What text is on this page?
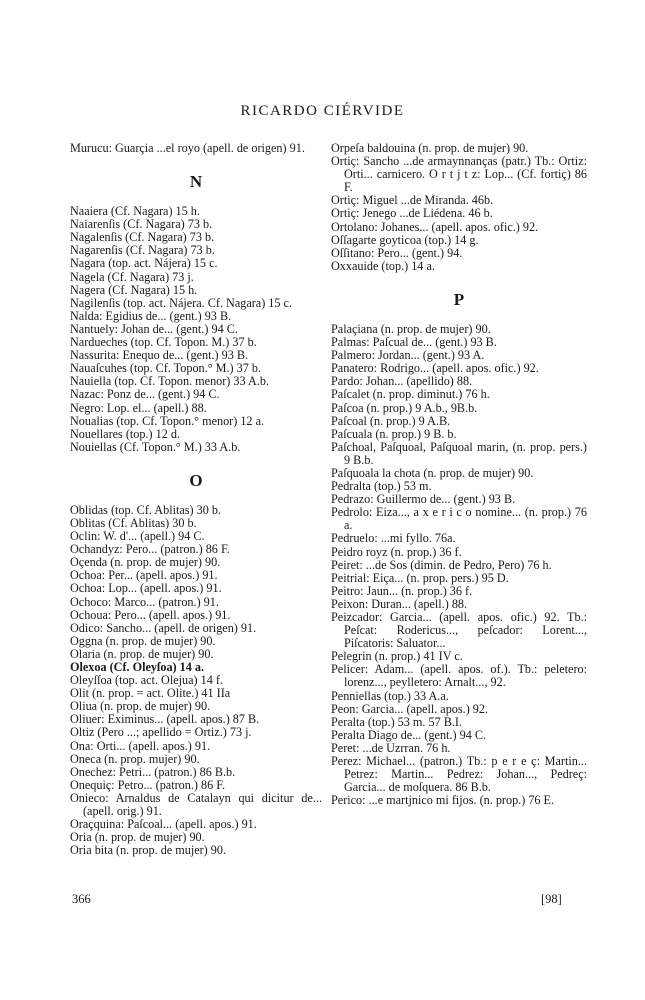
RICARDO CIÉRVIDE
Murucu: Guarçia ...el royo (apell. de origen) 91.
N
Naaiera (Cf. Nagara) 15 h.
Naiarenſis (Cf. Nagara) 73 b.
Nagalenſis (Cf. Nagara) 73 b.
Nagarenſis (Cf. Nagara) 73 b.
Nagara (top. act. Nájera) 15 c.
Nagela (Cf. Nagara) 73 j.
Nagera (Cf. Nagara) 15 h.
Nagilenſis (top. act. Nájera. Cf. Nagara) 15 c.
Nalda: Egidius de... (gent.) 93 B.
Nantuely: Johan de... (gent.) 94 C.
Nardueches (top. Cf. Topon. M.) 37 b.
Nassurita: Enequo de... (gent.) 93 B.
Nauaſcuhes (top. Cf. Topon.° M.) 37 b.
Nauiella (top. Cf. Topon. menor) 33 A.b.
Nazac: Ponz de... (gent.) 94 C.
Negro: Lop. el... (apell.) 88.
Noualias (top. Cf. Topon.° menor) 12 a.
Nouellares (top.) 12 d.
Nouiellas (Cf. Topon.° M.) 33 A.b.
O
Oblidas (top. Cf. Ablitas) 30 b.
Oblitas (Cf. Ablitas) 30 b.
Oclin: W. d'... (apell.) 94 C.
Ochandyz: Pero... (patron.) 86 F.
Oçenda (n. prop. de mujer) 90.
Ochoa: Per... (apell. apos.) 91.
Ochoa: Lop... (apell. apos.) 91.
Ochoco: Marco... (patron.) 91.
Ochoua: Pero... (apell. apos.) 91.
Odico: Sancho... (apell. de origen) 91.
Oggna (n. prop. de mujer) 90.
Olaria (n. prop. de mujer) 90.
Olexoa (Cf. Oleyſoa) 14 a.
Oleyſſoa (top. act. Olejua) 14 f.
Olit (n. prop. = act. Olite.) 41 IIa
Oliua (n. prop. de mujer) 90.
Oliuer: Eximinus... (apell. apos.) 87 B.
Oltiz (Pero ...; apellido = Ortiz.) 73 j.
Ona: Orti... (apell. apos.) 91.
Oneca (n. prop. mujer) 90.
Onechez: Petri... (patron.) 86 B.b.
Onequiç: Petro... (patron.) 86 F.
Onieco: Arnaldus de Catalayn qui dicitur de... (apell. orig.) 91.
Oraçquina: Paſcoal... (apell. apos.) 91.
Oria (n. prop. de mujer) 90.
Oria bita (n. prop. de mujer) 90.
Orpeſa baldouina (n. prop. de mujer) 90.
Ortiç: Sancho ...de armaynnanças (patr.) Tb.: Ortiz: Orti... carnicero. O r t j t z: Lop... (Cf. fortiç) 86 F.
Ortiç: Miguel ...de Miranda. 46b.
Ortiç: Jenego ...de Liédena. 46 b.
Ortolano: Johanes... (apell. apos. ofic.) 92.
Oſſagarte goyticoa (top.) 14 g.
Oſſitano: Pero... (gent.) 94.
Oxxauide (top.) 14 a.
P
Palaçiana (n. prop. de mujer) 90.
Palmas: Paſcual de... (gent.) 93 B.
Palmero: Jordan... (gent.) 93 A.
Panatero: Rodrigo... (apell. apos. ofic.) 92.
Pardo: Johan... (apellido) 88.
Paſcalet (n. prop. diminut.) 76 h.
Paſcoa (n. prop.) 9 A.b., 9B.b.
Paſcoal (n. prop.) 9 A.B.
Paſcuala (n. prop.) 9 B. b.
Paſchoal, Paſquoal, Paſquoal marin, (n. prop. pers.) 9 B.b.
Paſquoala la chota (n. prop. de mujer) 90.
Pedralta (top.) 53 m.
Pedrazo: Guillermo de... (gent.) 93 B.
Pedrolo: Eiza..., a x e r i c o nomine... (n. prop.) 76 a.
Pedruelo: ...mi fyllo. 76a.
Peidro royz (n. prop.) 36 f.
Peiret: ...de Sos (dimin. de Pedro, Pero) 76 h.
Peitrial: Eiça... (n. prop. pers.) 95 D.
Peitro: Jaun... (n. prop.) 36 f.
Peixon: Duran... (apell.) 88.
Peizcador: Garcia... (apell. apos. ofic.) 92. Tb.: Peſcat: Rodericus..., peſcador: Lorent..., Piſcatoris: Saluator...
Pelegrin (n. prop.) 41 IV c.
Pelicer: Adam... (apell. apos. of.). Tb.: peletero: lorenz..., peylletero: Arnalt..., 92.
Penniellas (top.) 33 A.a.
Peon: Garcia... (apell. apos.) 92.
Peralta (top.) 53 m. 57 B.I.
Peralta Diago de... (gent.) 94 C.
Peret: ...de Uzrran. 76 h.
Perez: Michael... (patron.) Tb.: p e r e ç: Martin... Petrez: Martin... Pedrez: Johan..., Pedreç: Garcia... de moſquera. 86 B.b.
Perico: ...e martjnico mi fijos. (n. prop.) 76 E.
366	[98]
